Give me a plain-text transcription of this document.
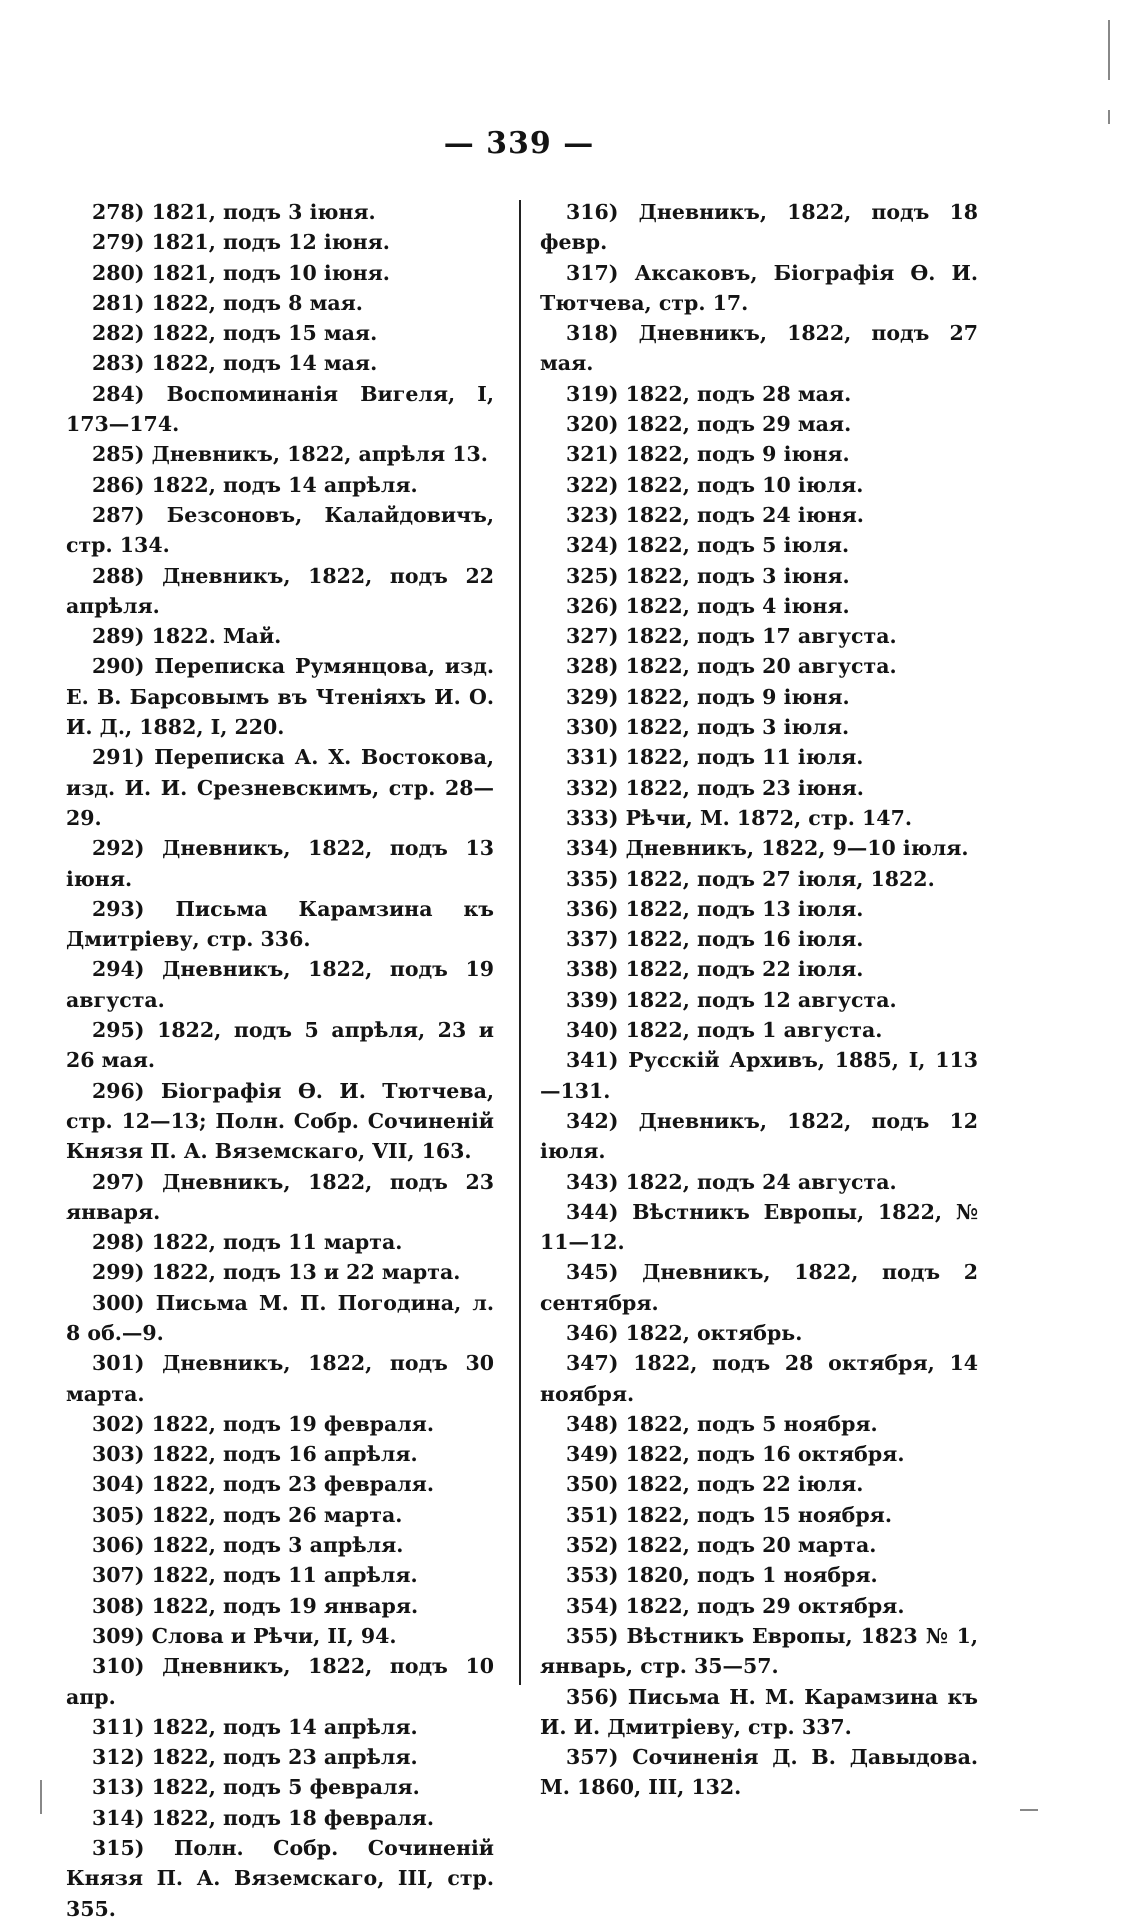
— 339 —

278) 1821, подъ 3 іюня.

279) 1821, подъ 12 іюня.

280) 1821, подъ 10 іюня.

281) 1822, подъ 8 мая.

282) 1822, подъ 15 мая.

283) 1822, подъ 14 мая.

284) Воспоминанія Вигеля, I, 173—174.

285) Дневникъ, 1822, апрѣля 13.

286) 1822, подъ 14 апрѣля.

287) Безсоновъ, Калайдовичъ, стр. 134.

288) Дневникъ, 1822, подъ 22 апрѣля.

289) 1822. Май.

290) Переписка Румянцова, изд. Е. В. Барсовымъ въ Чтеніяхъ И. О. И. Д., 1882, I, 220.

291) Переписка А. Х. Востокова, изд. И. И. Срезневскимъ, стр. 28—29.

292) Дневникъ, 1822, подъ 13 іюня.

293) Письма Карамзина къ Дмитріеву, стр. 336.

294) Дневникъ, 1822, подъ 19 августа.

295) 1822, подъ 5 апрѣля, 23 и 26 мая.

296) Біографія Ѳ. И. Тютчева, стр. 12—13; Полн. Собр. Сочиненій Князя П. А. Вяземскаго, VII, 163.

297) Дневникъ, 1822, подъ 23 января.

298) 1822, подъ 11 марта.

299) 1822, подъ 13 и 22 марта.

300) Письма М. П. Погодина, л. 8 об.—9.

301) Дневникъ, 1822, подъ 30 марта.

302) 1822, подъ 19 февраля.

303) 1822, подъ 16 апрѣля.

304) 1822, подъ 23 февраля.

305) 1822, подъ 26 марта.

306) 1822, подъ 3 апрѣля.

307) 1822, подъ 11 апрѣля.

308) 1822, подъ 19 января.

309) Слова и Рѣчи, II, 94.

310) Дневникъ, 1822, подъ 10 апр.

311) 1822, подъ 14 апрѣля.

312) 1822, подъ 23 апрѣля.

313) 1822, подъ 5 февраля.

314) 1822, подъ 18 февраля.

315) Полн. Собр. Сочиненій Князя П. А. Вяземскаго, III, стр. 355.

316) Дневникъ, 1822, подъ 18 февр.

317) Аксаковъ, Біографія Ѳ. И. Тютчева, стр. 17.

318) Дневникъ, 1822, подъ 27 мая.

319) 1822, подъ 28 мая.

320) 1822, подъ 29 мая.

321) 1822, подъ 9 іюня.

322) 1822, подъ 10 іюля.

323) 1822, подъ 24 іюня.

324) 1822, подъ 5 іюля.

325) 1822, подъ 3 іюня.

326) 1822, подъ 4 іюня.

327) 1822, подъ 17 августа.

328) 1822, подъ 20 августа.

329) 1822, подъ 9 іюня.

330) 1822, подъ 3 іюля.

331) 1822, подъ 11 іюля.

332) 1822, подъ 23 іюня.

333) Рѣчи, М. 1872, стр. 147.

334) Дневникъ, 1822, 9—10 іюля.

335) 1822, подъ 27 іюля, 1822.

336) 1822, подъ 13 іюля.

337) 1822, подъ 16 іюля.

338) 1822, подъ 22 іюля.

339) 1822, подъ 12 августа.

340) 1822, подъ 1 августа.

341) Русскій Архивъ, 1885, I, 113—131.

342) Дневникъ, 1822, подъ 12 іюля.

343) 1822, подъ 24 августа.

344) Вѣстникъ Европы, 1822, № 11—12.

345) Дневникъ, 1822, подъ 2 сентября.

346) 1822, октябрь.

347) 1822, подъ 28 октября, 14 ноября.

348) 1822, подъ 5 ноября.

349) 1822, подъ 16 октября.

350) 1822, подъ 22 іюля.

351) 1822, подъ 15 ноября.

352) 1822, подъ 20 марта.

353) 1820, подъ 1 ноября.

354) 1822, подъ 29 октября.

355) Вѣстникъ Европы, 1823 № 1, январь, стр. 35—57.

356) Письма Н. М. Карамзина къ И. И. Дмитріеву, стр. 337.

357) Сочиненія Д. В. Давыдова. М. 1860, III, 132.
